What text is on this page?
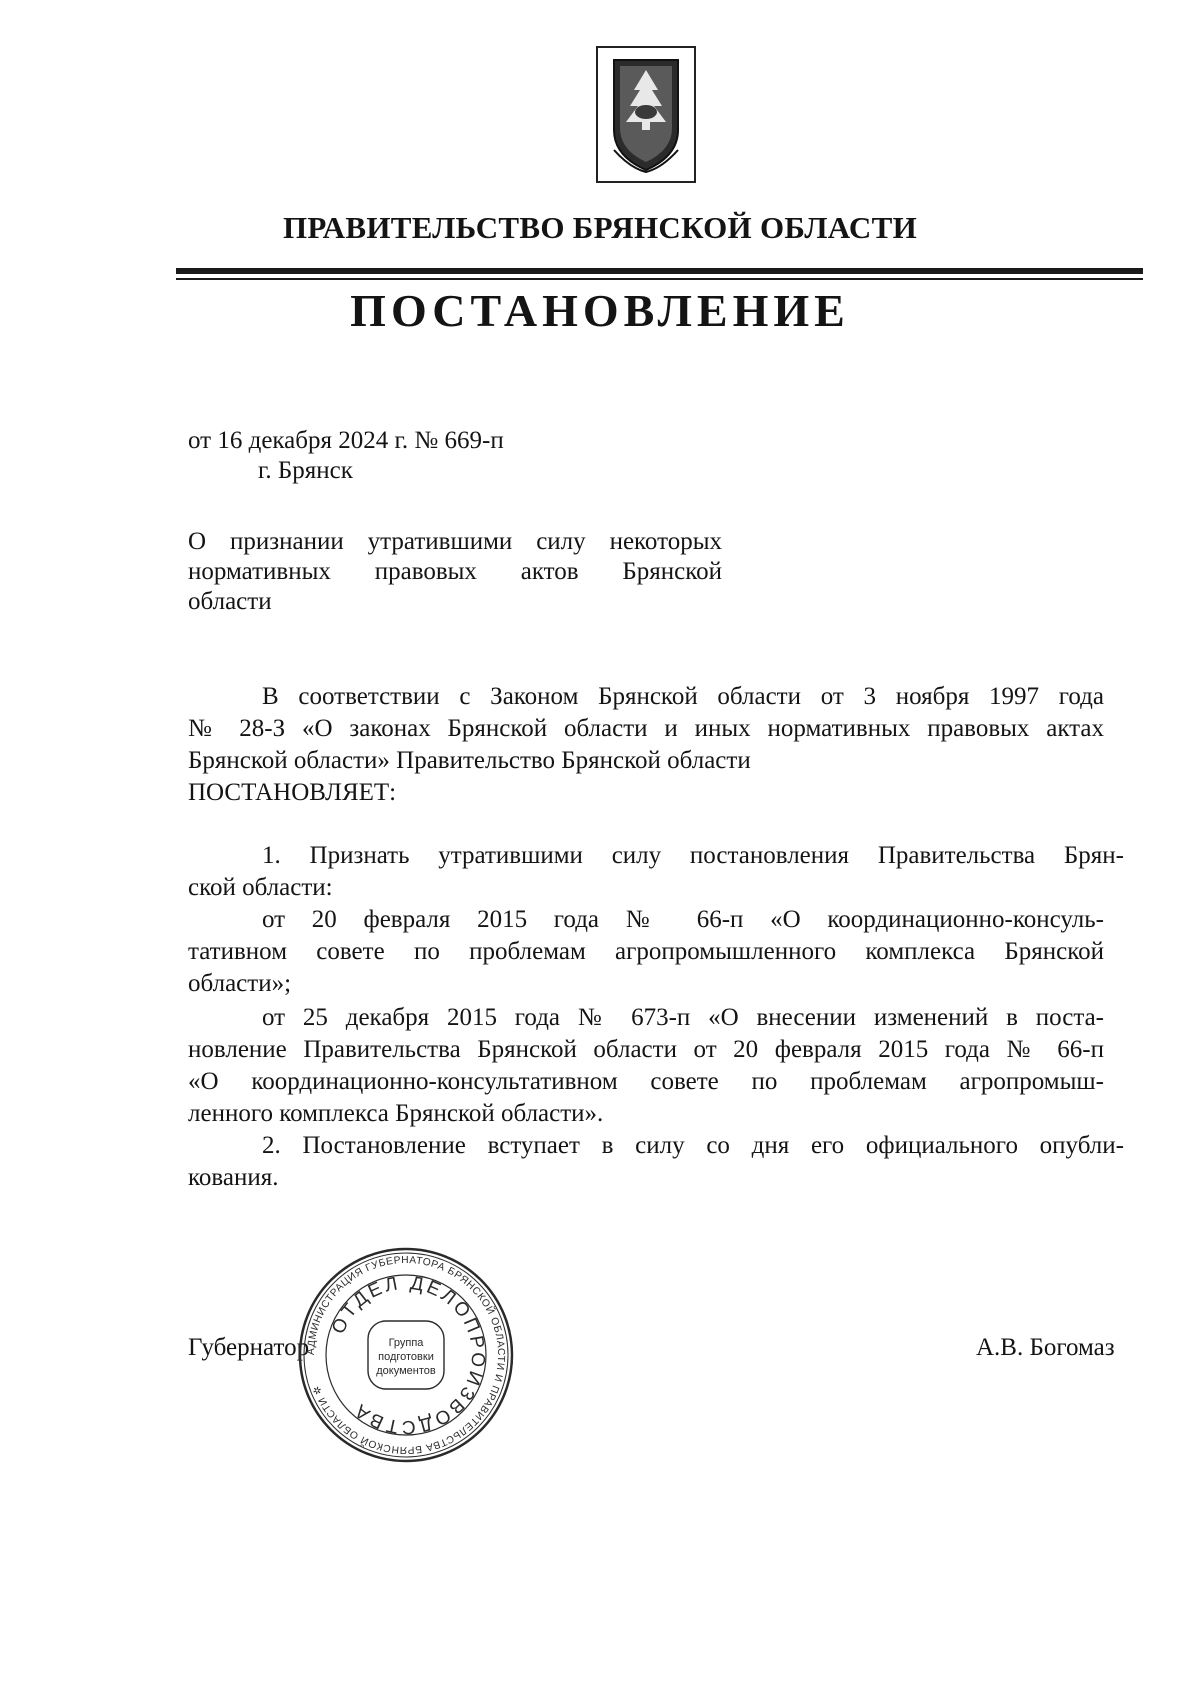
ПРАВИТЕЛЬСТВО БРЯНСКОЙ ОБЛАСТИ
ПОСТАНОВЛЕНИЕ
от 16 декабря 2024 г. № 669-п
г. Брянск
О признании утратившими силу некоторых
нормативных правовых актов Брянской
области
В соответствии с Законом Брянской области от 3 ноября 1997 года
№ 28-З «О законах Брянской области и иных нормативных правовых актах
Брянской области» Правительство Брянской области
ПОСТАНОВЛЯЕТ:
1. Признать утратившими силу постановления Правительства Брян-
ской области:
от 20 февраля 2015 года № 66-п «О координационно-консуль-
тативном совете по проблемам агропромышленного комплекса Брянской
области»;
от 25 декабря 2015 года № 673-п «О внесении изменений в поста-
новление Правительства Брянской области от 20 февраля 2015 года № 66-п
«О координационно-консультативном совете по проблемам агропромыш-
ленного комплекса Брянской области».
2. Постановление вступает в силу со дня его официального опубли-
кования.
Губернатор	А.В. Богомаз
АДМИНИСТРАЦИЯ ГУБЕРНАТОРА БРЯНСКОЙ ОБЛАСТИ И ПРАВИТЕЛЬСТВА БРЯНСКОЙ ОБЛАСТИ ✲
ОТДЕЛ ДЕЛОПРОИЗВОДСТВА
Группа
подготовки
документов
